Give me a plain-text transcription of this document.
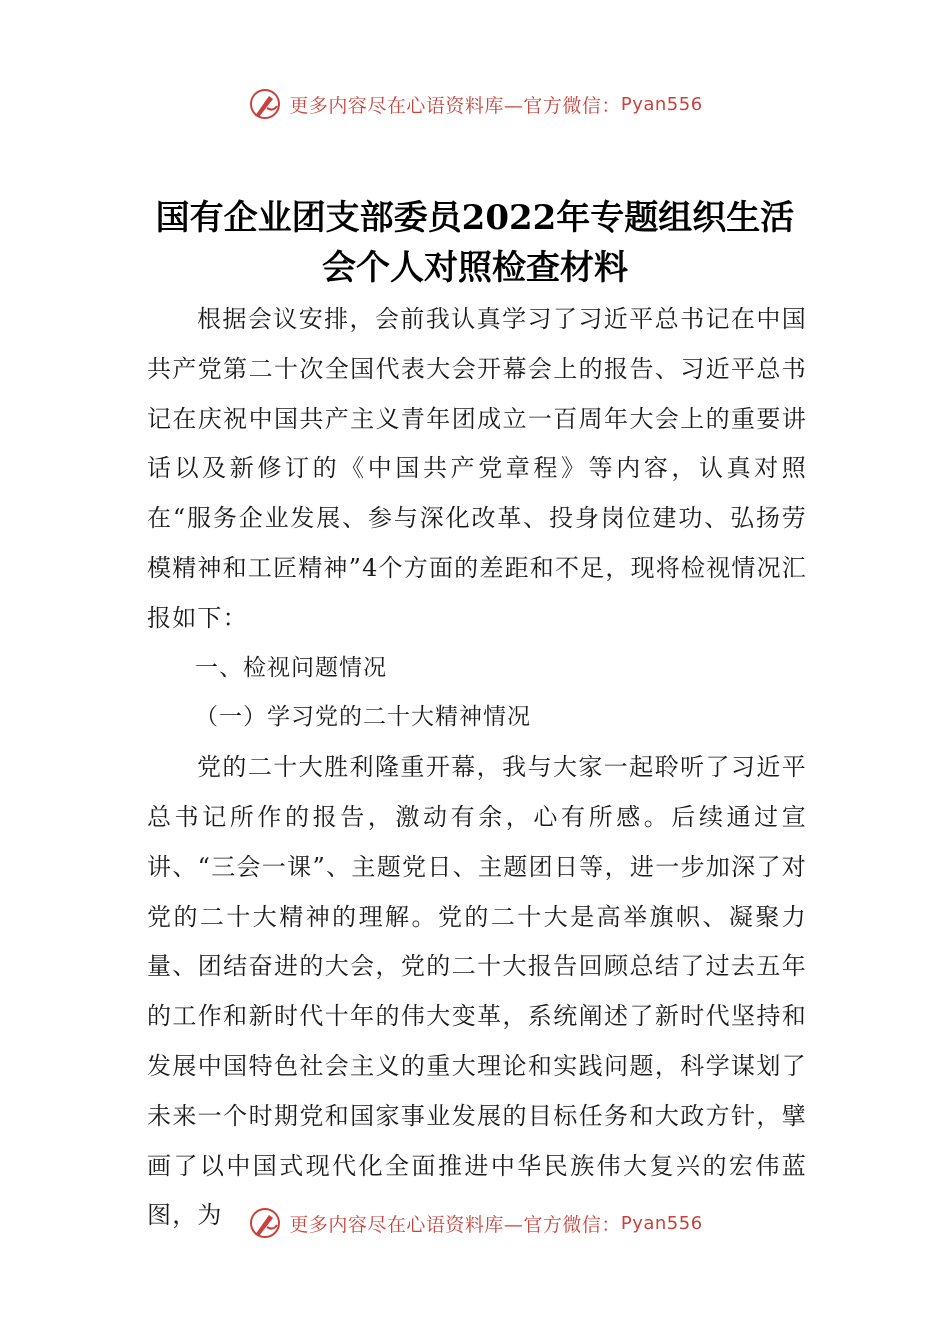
更多内容尽在心语资料库—官方微信： Pyan556
国有企业团支部委员2022年专题组织生活
会个人对照检查材料

根据会议安排，会前我认真学习了习近平总书记在中国共产党第二十次全国代表大会开幕会上的报告、习近平总书记在庆祝中国共产主义青年团成立一百周年大会上的重要讲话以及新修订的《中国共产党章程》等内容，认真对照在“服务企业发展、参与深化改革、投身岗位建功、弘扬劳模精神和工匠精神”4个方面的差距和不足，现将检视情况汇报如下：

一、检视问题情况
（一）学习党的二十大精神情况

党的二十大胜利隆重开幕，我与大家一起聆听了习近平总书记所作的报告，激动有余，心有所感。后续通过宣讲、“三会一课”、主题党日、主题团日等，进一步加深了对党的二十大精神的理解。党的二十大是高举旗帜、凝聚力量、团结奋进的大会，党的二十大报告回顾总结了过去五年的工作和新时代十年的伟大变革，系统阐述了新时代坚持和发展中国特色社会主义的重大理论和实践问题，科学谋划了未来一个时期党和国家事业发展的目标任务和大政方针，擘画了以中国式现代化全面推进中华民族伟大复兴的宏伟蓝图，为	更多内容尽在心语资料库—官方微信： Pyan556
